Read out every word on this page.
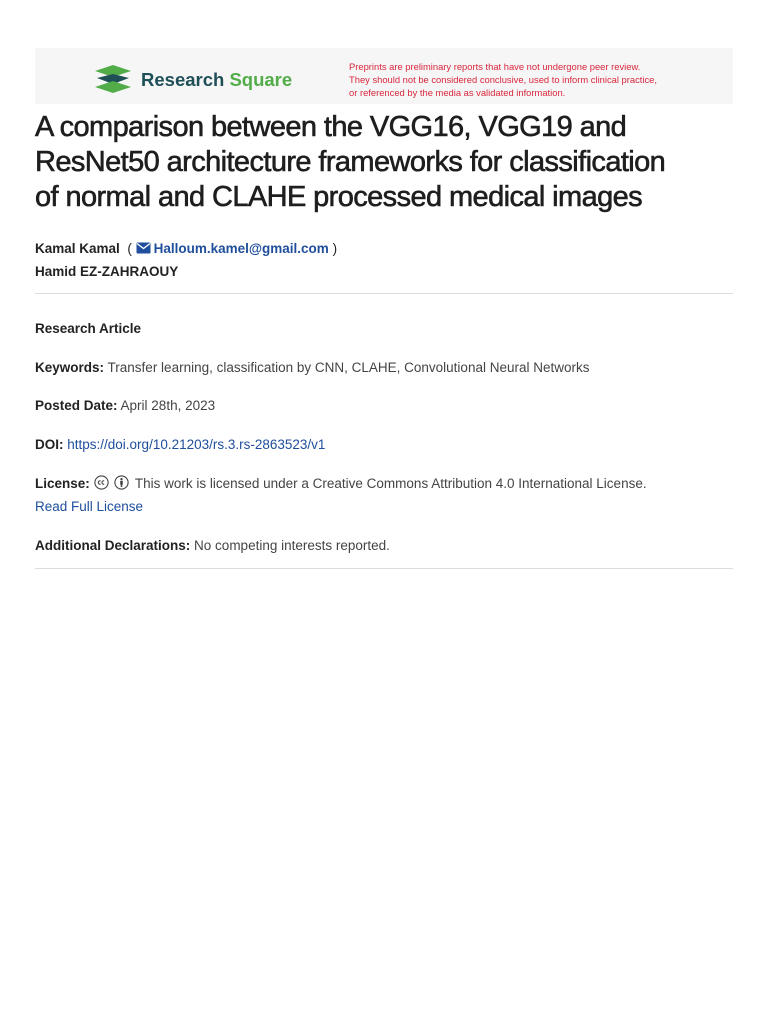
Research Square
Preprints are preliminary reports that have not undergone peer review.
They should not be considered conclusive, used to inform clinical practice,
or referenced by the media as validated information.
A comparison between the VGG16, VGG19 and
ResNet50 architecture frameworks for classification
of normal and CLAHE processed medical images
Kamal Kamal  ( Halloum.kamel@gmail.com )
Hamid EZ-ZAHRAOUY
Research Article
Keywords: Transfer learning, classification by CNN, CLAHE, Convolutional Neural Networks
Posted Date: April 28th, 2023
DOI: https://doi.org/10.21203/rs.3.rs-2863523/v1
License:	This work is licensed under a Creative Commons Attribution 4.0 International License.
Read Full License
Additional Declarations: No competing interests reported.
